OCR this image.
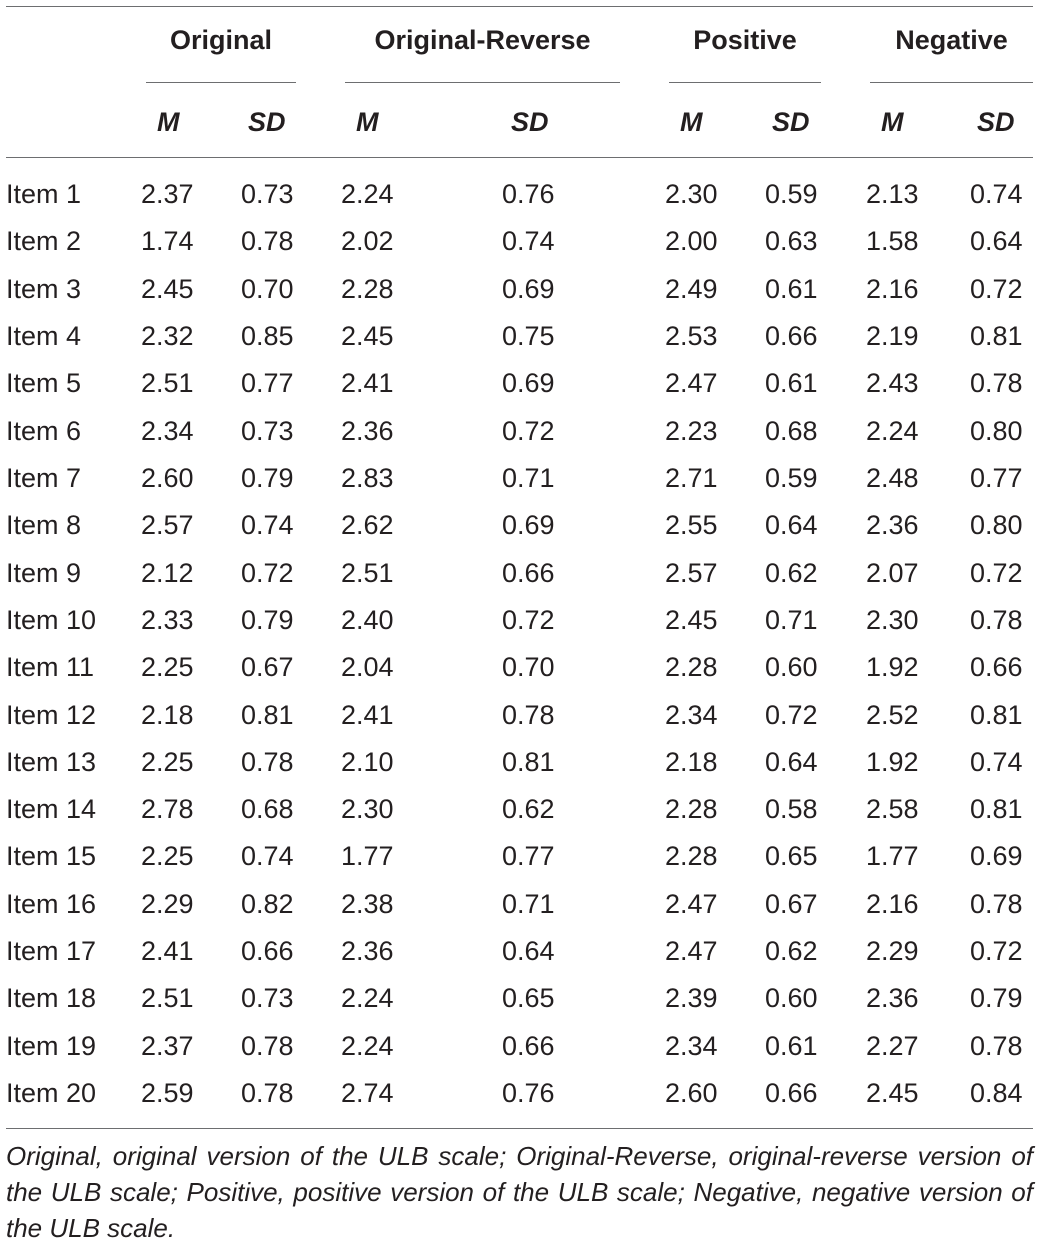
Original	Original-Reverse	Positive	Negative
M	SD	M	SD	M	SD	M	SD
Item 1 2.37 0.73 2.24	0.76	2.30 0.59 2.13 0.74
Item 2 1.74 0.78 2.02	0.74	2.00 0.63 1.58 0.64
Item 3 2.45 0.70 2.28	0.69	2.49 0.61 2.16 0.72
Item 4 2.32 0.85 2.45	0.75	2.53 0.66 2.19 0.81
Item 5 2.51 0.77 2.41	0.69	2.47 0.61 2.43 0.78
Item 6 2.34 0.73 2.36	0.72	2.23 0.68 2.24 0.80
Item 7 2.60 0.79 2.83	0.71	2.71 0.59 2.48 0.77
Item 8 2.57 0.74 2.62	0.69	2.55 0.64 2.36 0.80
Item 9 2.12 0.72 2.51	0.66	2.57 0.62 2.07 0.72
Item 10 2.33 0.79 2.40	0.72	2.45 0.71 2.30 0.78
Item 11 2.25 0.67 2.04	0.70	2.28 0.60 1.92 0.66
Item 12 2.18 0.81 2.41	0.78	2.34 0.72 2.52 0.81
Item 13 2.25 0.78 2.10	0.81	2.18 0.64 1.92 0.74
Item 14 2.78 0.68 2.30	0.62	2.28 0.58 2.58 0.81
Item 15 2.25 0.74 1.77	0.77	2.28 0.65 1.77 0.69
Item 16 2.29 0.82 2.38	0.71	2.47 0.67 2.16 0.78
Item 17 2.41 0.66 2.36	0.64	2.47 0.62 2.29 0.72
Item 18 2.51 0.73 2.24	0.65	2.39 0.60 2.36 0.79
Item 19 2.37 0.78 2.24	0.66	2.34 0.61 2.27 0.78
Item 20 2.59 0.78 2.74	0.76	2.60 0.66 2.45 0.84
Original, original version of the ULB scale; Original-Reverse, original-reverse version of the ULB scale; Positive, positive version of the ULB scale; Negative, negative version of the ULB scale.
